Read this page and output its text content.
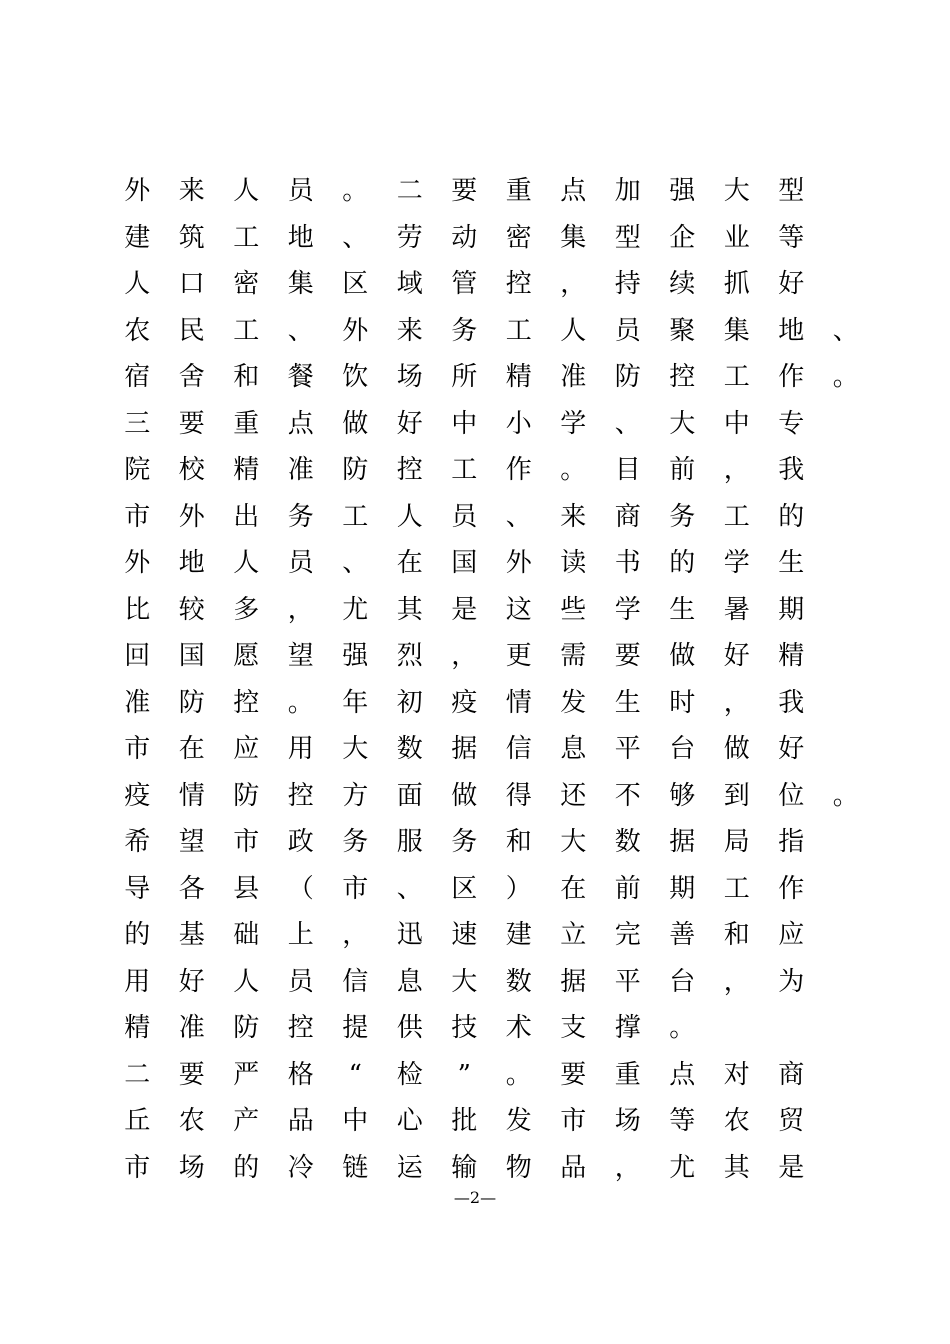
外	来	人	员	。	二	要	重	点	加	强	大	型
建	筑	工	地	、	劳	动	密	集	型	企	业	等
人	口	密	集	区	域	管	控	，	持	续	抓	好
农	民	工	、	外	来	务	工	人	员	聚	集	地	、
宿	舍	和	餐	饮	场	所	精	准	防	控	工	作	。
三	要	重	点	做	好	中	小	学	、	大	中	专
院	校	精	准	防	控	工	作	。	目	前	，	我
市	外	出	务	工	人	员	、	来	商	务	工	的
外	地	人	员	、	在	国	外	读	书	的	学	生
比	较	多	，	尤	其	是	这	些	学	生	暑	期
回	国	愿	望	强	烈	，	更	需	要	做	好	精
准	防	控	。	年	初	疫	情	发	生	时	，	我
市	在	应	用	大	数	据	信	息	平	台	做	好
疫	情	防	控	方	面	做	得	还	不	够	到	位	。
希	望	市	政	务	服	务	和	大	数	据	局	指
导	各	县	（	市	、	区	）	在	前	期	工	作
的	基	础	上	，	迅	速	建	立	完	善	和	应
用	好	人	员	信	息	大	数	据	平	台	，	为
精	准	防	控	提	供	技	术	支	撑	。
二	要	严	格	“	检	”	。	要	重	点	对	商
丘	农	产	品	中	心	批	发	市	场	等	农	贸
市	场	的	冷	链	运	输	物	品	，	尤	其	是
—2—
